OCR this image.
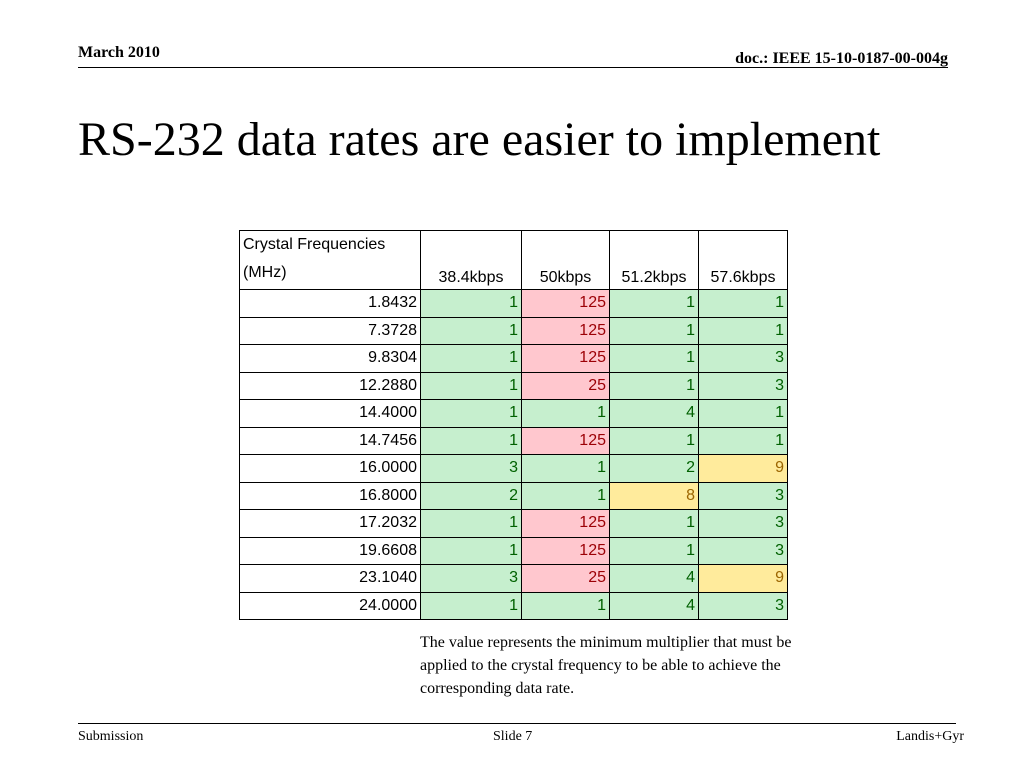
March 2010	doc.: IEEE 15-10-0187-00-004g
RS-232 data rates are easier to implement
Crystal Frequencies
(MHz)	38.4kbps	50kbps	51.2kbps	57.6kbps
1.8432	1	125	1	1
7.3728	1	125	1	1
9.8304	1	125	1	3
12.2880	1	25	1	3
14.4000	1	1	4	1
14.7456	1	125	1	1
16.0000	3	1	2	9
16.8000	2	1	8	3
17.2032	1	125	1	3
19.6608	1	125	1	3
23.1040	3	25	4	9
24.0000	1	1	4	3
The value represents the minimum multiplier that must be applied to the crystal frequency to be able to achieve the corresponding data rate.
Submission	Slide 7	Landis+Gyr
